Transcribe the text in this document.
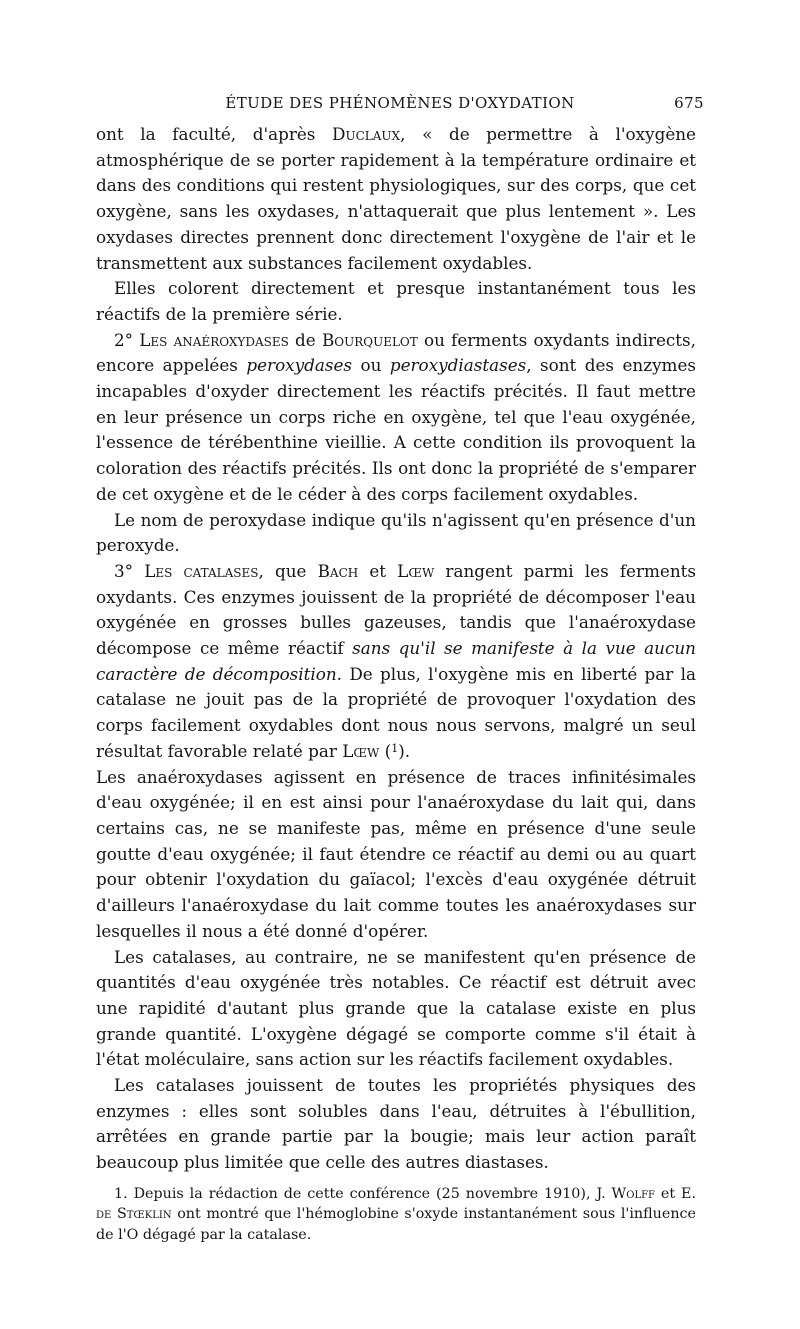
ÉTUDE DES PHÉNOMÈNES D'OXYDATION	675

ont la faculté, d'après Duclaux, « de permettre à l'oxygène atmosphérique de se porter rapidement à la température ordinaire et dans des conditions qui restent physiologiques, sur des corps, que cet oxygène, sans les oxydases, n'attaquerait que plus lentement ». Les oxydases directes prennent donc directement l'oxygène de l'air et le transmettent aux substances facilement oxydables.

Elles colorent directement et presque instantanément tous les réactifs de la première série.

2° Les anaéroxydases de Bourquelot ou ferments oxydants indirects, encore appelées peroxydases ou peroxydiastases, sont des enzymes incapables d'oxyder directement les réactifs précités. Il faut mettre en leur présence un corps riche en oxygène, tel que l'eau oxygénée, l'essence de térébenthine vieillie. A cette condition ils provoquent la coloration des réactifs précités. Ils ont donc la propriété de s'emparer de cet oxygène et de le céder à des corps facilement oxydables.

Le nom de peroxydase indique qu'ils n'agissent qu'en présence d'un peroxyde.

3° Les catalases, que Bach et Lœw rangent parmi les ferments oxydants. Ces enzymes jouissent de la propriété de décomposer l'eau oxygénée en grosses bulles gazeuses, tandis que l'anaéroxydase décompose ce même réactif sans qu'il se manifeste à la vue aucun caractère de décomposition. De plus, l'oxygène mis en liberté par la catalase ne jouit pas de la propriété de provoquer l'oxydation des corps facilement oxydables dont nous nous servons, malgré un seul résultat favorable relaté par Lœw ($^1$).

Les anaéroxydases agissent en présence de traces infinitésimales d'eau oxygénée; il en est ainsi pour l'anaéroxydase du lait qui, dans certains cas, ne se manifeste pas, même en présence d'une seule goutte d'eau oxygénée; il faut étendre ce réactif au demi ou au quart pour obtenir l'oxydation du gaïacol; l'excès d'eau oxygénée détruit d'ailleurs l'anaéroxydase du lait comme toutes les anaéroxydases sur lesquelles il nous a été donné d'opérer.

Les catalases, au contraire, ne se manifestent qu'en présence de quantités d'eau oxygénée très notables. Ce réactif est détruit avec une rapidité d'autant plus grande que la catalase existe en plus grande quantité. L'oxygène dégagé se comporte comme s'il était à l'état moléculaire, sans action sur les réactifs facilement oxydables.

Les catalases jouissent de toutes les propriétés physiques des enzymes : elles sont solubles dans l'eau, détruites à l'ébullition, arrêtées en grande partie par la bougie; mais leur action paraît beaucoup plus limitée que celle des autres diastases.

1. Depuis la rédaction de cette conférence (25 novembre 1910), J. Wolff et E. de Stœklin ont montré que l'hémoglobine s'oxyde instantanément sous l'influence de l'O dégagé par la catalase.
